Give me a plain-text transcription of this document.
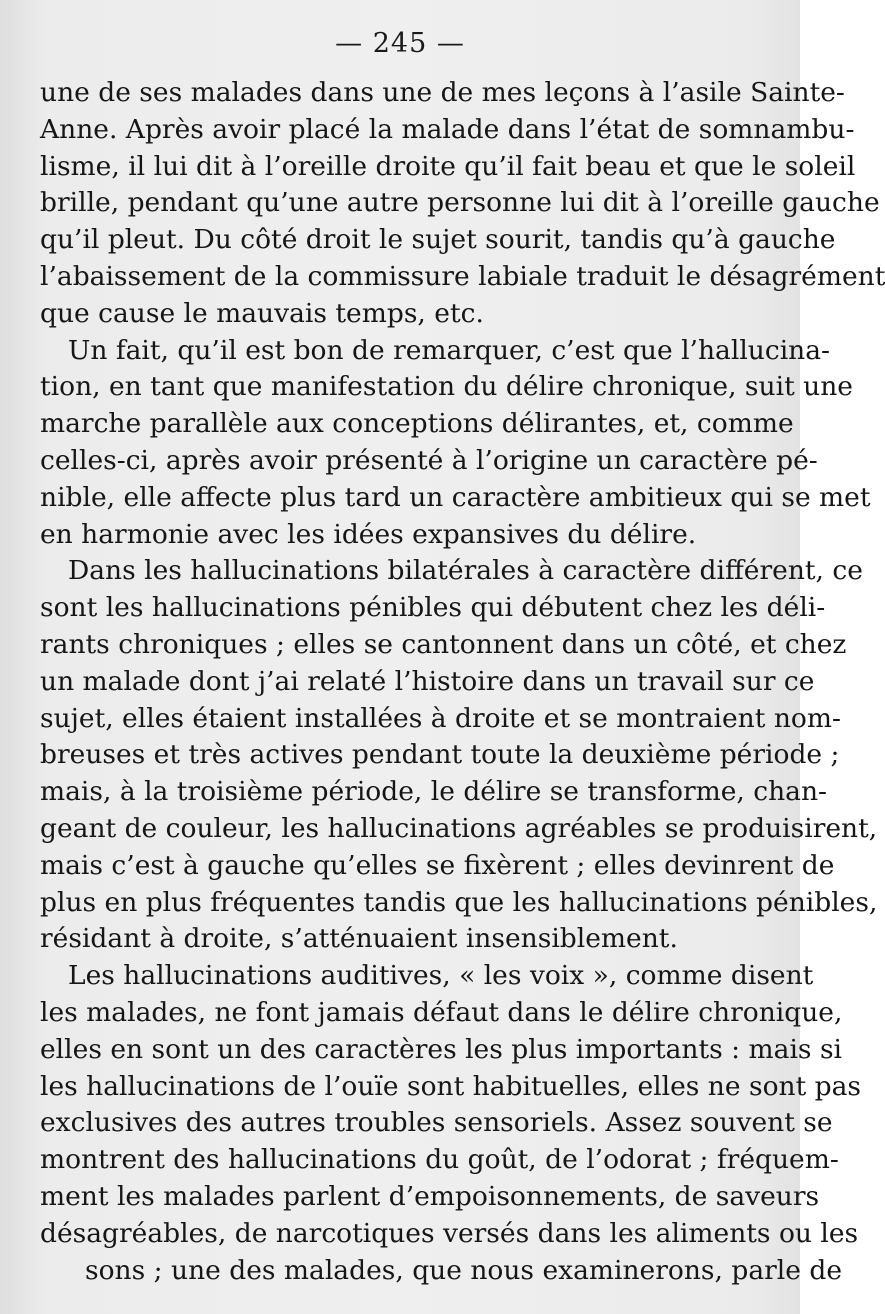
— 245 —
une de ses malades dans une de mes leçons à l’asile Sainte-
Anne. Après avoir placé la malade dans l’état de somnambu-
lisme, il lui dit à l’oreille droite qu’il fait beau et que le soleil
brille, pendant qu’une autre personne lui dit à l’oreille gauche
qu’il pleut. Du côté droit le sujet sourit, tandis qu’à gauche
l’abaissement de la commissure labiale traduit le désagrément
que cause le mauvais temps, etc.
Un fait, qu’il est bon de remarquer, c’est que l’hallucina-
tion, en tant que manifestation du délire chronique, suit une
marche parallèle aux conceptions délirantes, et, comme
celles-ci, après avoir présenté à l’origine un caractère pé-
nible, elle affecte plus tard un caractère ambitieux qui se met
en harmonie avec les idées expansives du délire.
Dans les hallucinations bilatérales à caractère différent, ce
sont les hallucinations pénibles qui débutent chez les déli-
rants chroniques ; elles se cantonnent dans un côté, et chez
un malade dont j’ai relaté l’histoire dans un travail sur ce
sujet, elles étaient installées à droite et se montraient nom-
breuses et très actives pendant toute la deuxième période ;
mais, à la troisième période, le délire se transforme, chan-
geant de couleur, les hallucinations agréables se produisirent,
mais c’est à gauche qu’elles se fixèrent ; elles devinrent de
plus en plus fréquentes tandis que les hallucinations pénibles,
résidant à droite, s’atténuaient insensiblement.
Les hallucinations auditives, « les voix », comme disent
les malades, ne font jamais défaut dans le délire chronique,
elles en sont un des caractères les plus importants : mais si
les hallucinations de l’ouïe sont habituelles, elles ne sont pas
exclusives des autres troubles sensoriels. Assez souvent se
montrent des hallucinations du goût, de l’odorat ; fréquem-
ment les malades parlent d’empoisonnements, de saveurs
désagréables, de narcotiques versés dans les aliments ou les
sons ; une des malades, que nous examinerons, parle de
